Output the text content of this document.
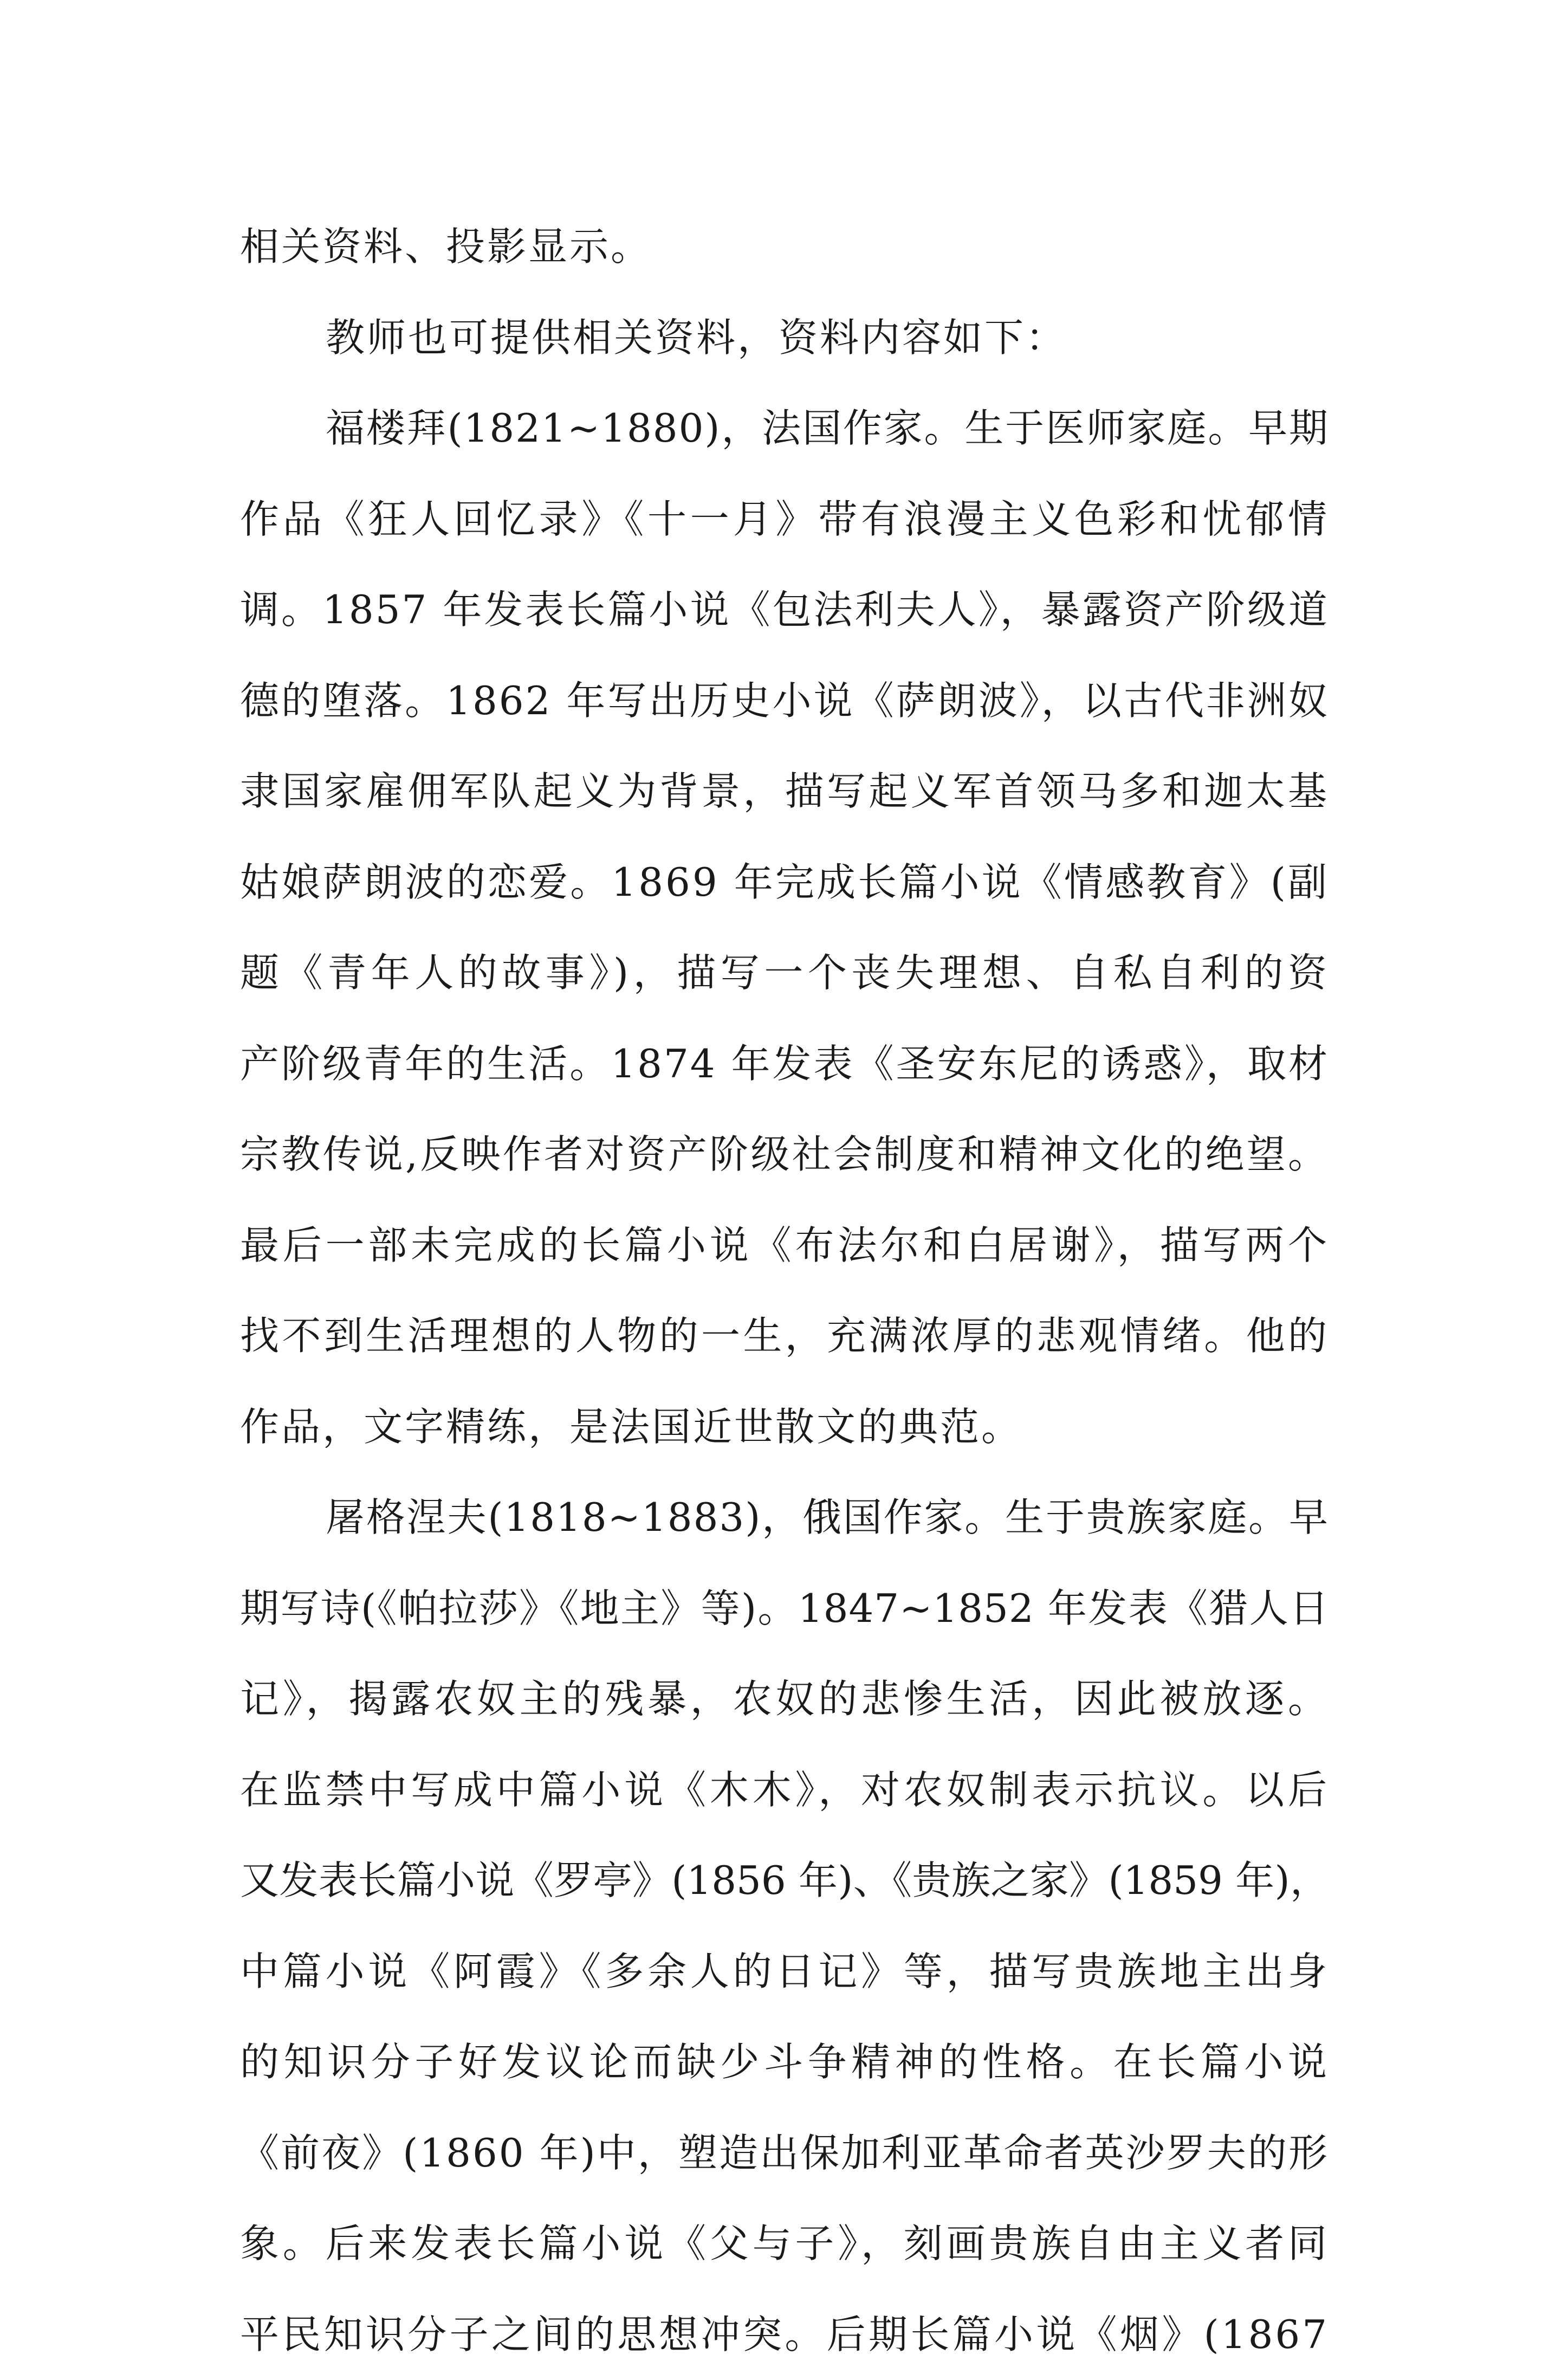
相关资料、投影显示。
教师也可提供相关资料，资料内容如下：
福楼拜(1821~1880)，法国作家。生于医师家庭。早期
作品《狂人回忆录》《十一月》带有浪漫主义色彩和忧郁情
调。1857 年发表长篇小说《包法利夫人》，暴露资产阶级道
德的堕落。1862 年写出历史小说《萨朗波》，以古代非洲奴
隶国家雇佣军队起义为背景，描写起义军首领马多和迦太基
姑娘萨朗波的恋爱。1869 年完成长篇小说《情感教育》(副
题《青年人的故事》)，描写一个丧失理想、自私自利的资
产阶级青年的生活。1874 年发表《圣安东尼的诱惑》，取材
宗教传说,反映作者对资产阶级社会制度和精神文化的绝望。
最后一部未完成的长篇小说《布法尔和白居谢》，描写两个
找不到生活理想的人物的一生，充满浓厚的悲观情绪。他的
作品，文字精练，是法国近世散文的典范。
屠格涅夫(1818~1883)，俄国作家。生于贵族家庭。早
期写诗(《帕拉莎》《地主》等)。1847~1852 年发表《猎人日
记》，揭露农奴主的残暴，农奴的悲惨生活，因此被放逐。
在监禁中写成中篇小说《木木》，对农奴制表示抗议。以后
又发表长篇小说《罗亭》(1856 年)、《贵族之家》(1859 年)，
中篇小说《阿霞》《多余人的日记》等，描写贵族地主出身
的知识分子好发议论而缺少斗争精神的性格。在长篇小说
《前夜》(1860 年)中，塑造出保加利亚革命者英沙罗夫的形
象。后来发表长篇小说《父与子》，刻画贵族自由主义者同
平民知识分子之间的思想冲突。后期长篇小说《烟》(1867
